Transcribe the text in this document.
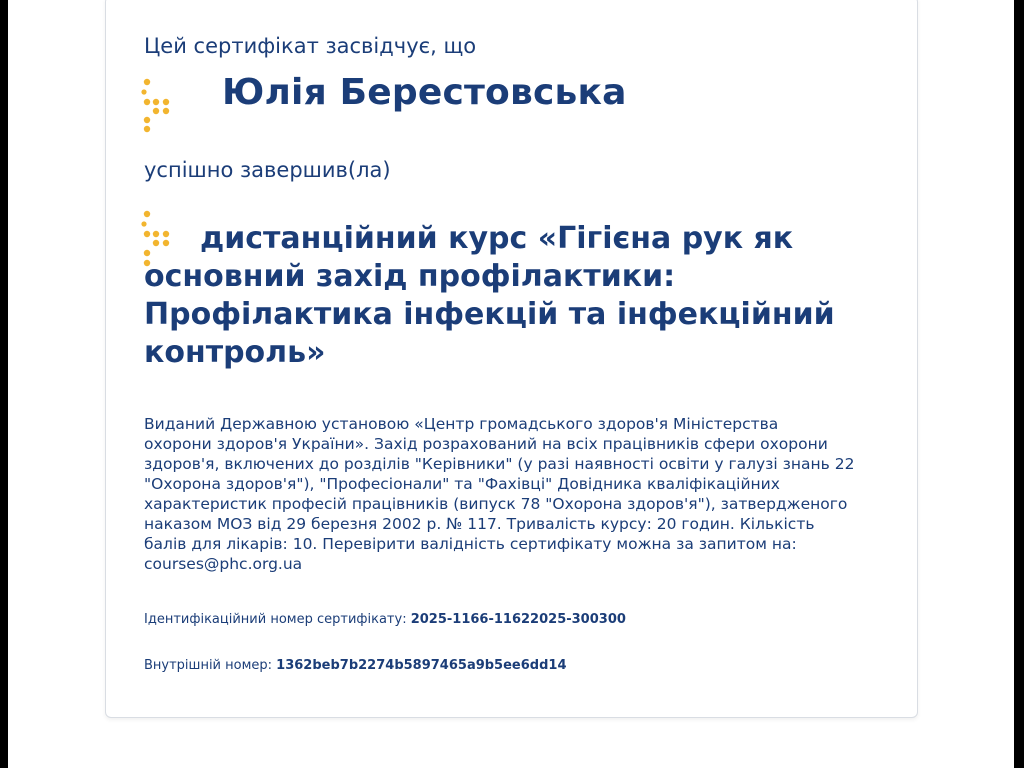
Цей сертифікат засвідчує, що
Юлія Берестовська
успішно завершив(ла)
дистанційний курс «Гігієна рук як
основний захід профілактики:
Профілактика інфекцій та інфекційний
контроль»
Виданий Державною установою «Центр громадського здоров'я Міністерства
охорони здоров'я України». Захід розрахований на всіх працівників сфери охорони
здоров'я, включених до розділів "Керівники" (у разі наявності освіти у галузі знань 22
"Охорона здоров'я"), "Професіонали" та "Фахівці" Довідника кваліфікаційних
характеристик професій працівників (випуск 78 "Охорона здоров'я"), затвердженого
наказом МОЗ від 29 березня 2002 р. № 117. Тривалість курсу: 20 годин. Кількість
балів для лікарів: 10. Перевірити валідність сертифікату можна за запитом на:
courses@phc.org.ua
Ідентифікаційний номер сертифікату: 2025-1166-11622025-300300
Внутрішній номер: 1362beb7b2274b5897465a9b5ee6dd14
